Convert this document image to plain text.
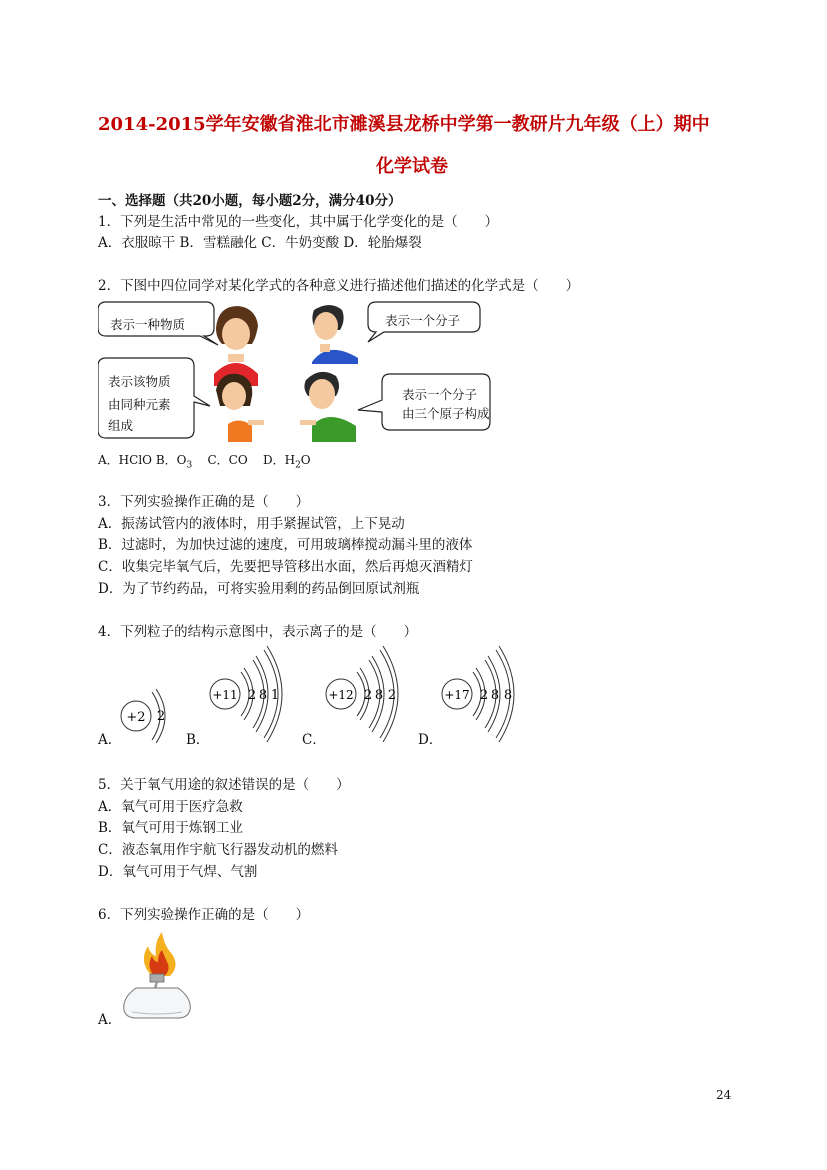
2014-2015学年安徽省淮北市濉溪县龙桥中学第一教研片九年级（上）期中
化学试卷
一、选择题（共20小题，每小题2分，满分40分）
1．下列是生活中常见的一些变化，其中属于化学变化的是（　　）
A．衣服晾干 B．雪糕融化 C．牛奶变酸 D．轮胎爆裂
2．下图中四位同学对某化学式的各种意义进行描述他们描述的化学式是（　　）
表示一种物质	表示一个分子
表示该物质
由同种元素
组成
表示一个分子
由三个原子构成
A．HClO B．$O_3$ C．CO D．$H_2O$
3．下列实验操作正确的是（　　）
A．振荡试管内的液体时，用手紧握试管，上下晃动
B．过滤时，为加快过滤的速度，可用玻璃棒搅动漏斗里的液体
C．收集完毕氧气后，先要把导管移出水面，然后再熄灭酒精灯
D．为了节约药品，可将实验用剩的药品倒回原试剂瓶
4．下列粒子的结构示意图中，表示离子的是（　　）
+2 2
+11 2 8 1	+12 2 8 2	+17 2 8 8
A．	B．	C．	D．
5．关于氧气用途的叙述错误的是（　　）
A．氧气可用于医疗急救
B．氧气可用于炼钢工业
C．液态氧用作宇航飞行器发动机的燃料
D．氧气可用于气焊、气割
6．下列实验操作正确的是（　　）
A．
24
